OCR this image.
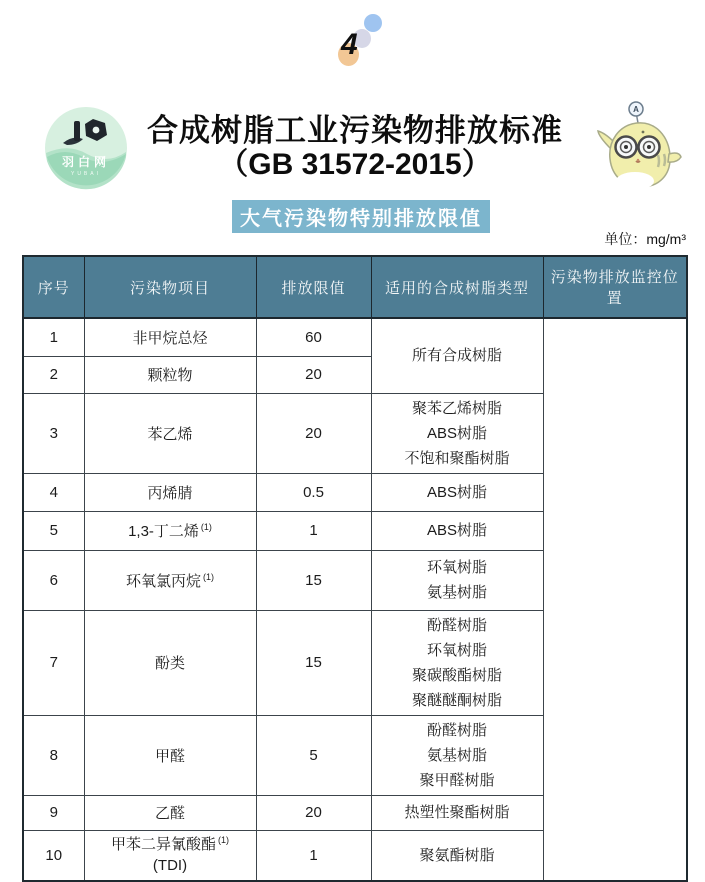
4
羽白网
YUBAI
合成树脂工业污染物排放标准
（GB 31572-2015）
A
大气污染物特别排放限值
单位：mg/m³
序号	污染物项目	排放限值	适用的合成树脂类型	污染物排放监控位置
1	非甲烷总烃	60	所有合成树脂	

2	颗粒物	20		
3	苯乙烯	20	聚苯乙烯树脂
ABS树脂
不饱和聚酯树脂	

4	丙烯腈	0.5	ABS树脂	

5	1,3-丁二烯 $^{(1)}$	1	ABS树脂	

6	环氧氯丙烷 $^{(1)}$	15	环氧树脂
氨基树脂	

7	酚类	15	酚醛树脂
环氧树脂
聚碳酸酯树脂
聚醚醚酮树脂	

8	甲醛	5	酚醛树脂
氨基树脂
聚甲醛树脂	

9	乙醛	20	热塑性聚酯树脂	

10	甲苯二异氰酸酯 $^{(1)}$
(TDI)	1	聚氨酯树脂	
